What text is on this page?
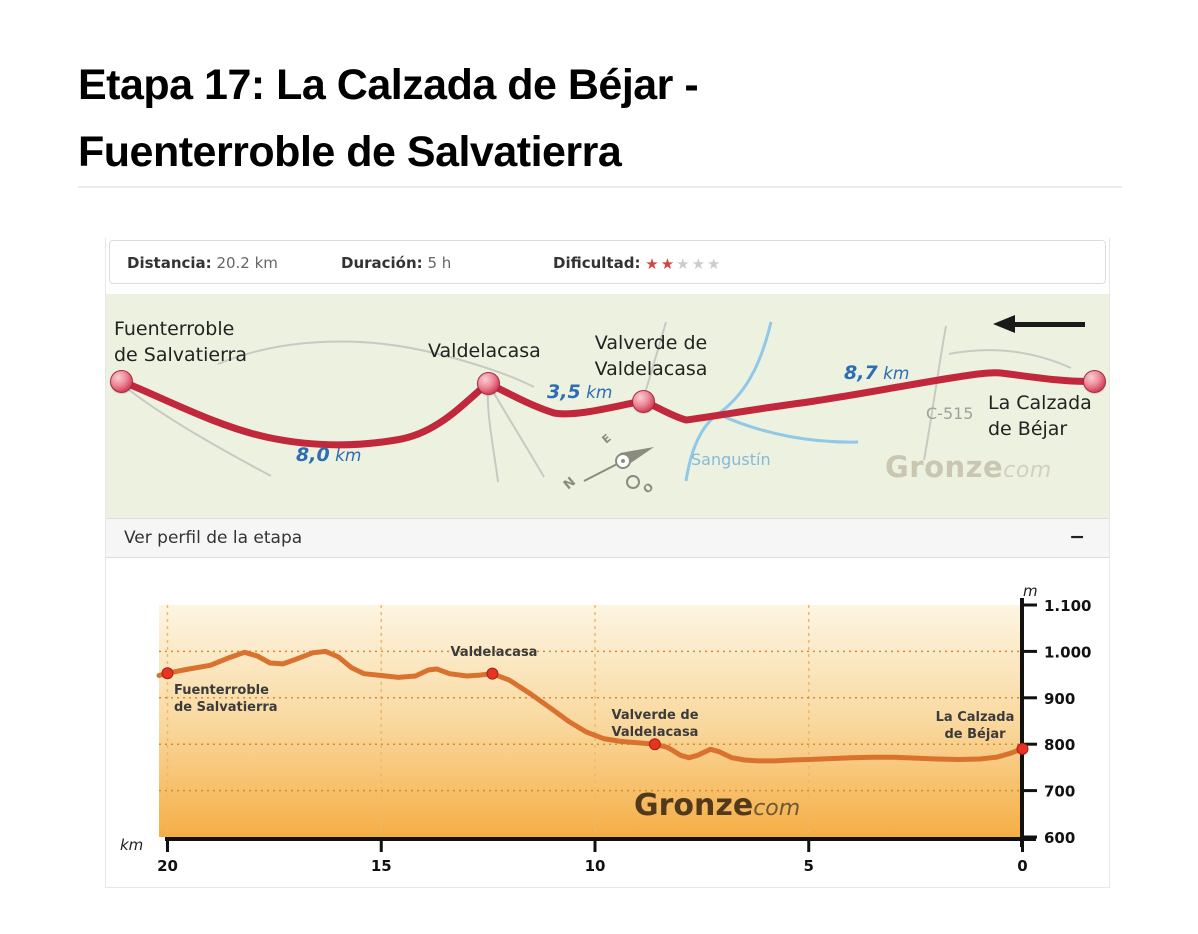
Etapa 17: La Calzada de Béjar -
Fuenterroble de Salvatierra
Distancia: 20.2 km	Duración: 5 h	Dificultad: ★★★★★
N
E
O
Fuenterroble
de Salvatierra	Valdelacasa	Valverde de
Valdelacasa
La Calzada
de Béjar
8,0 km
3,5 km
8,7 km
C-515
Sangustín	Gronzecom
Ver perfil de la etapa	−
1.100
1.000
900
800
700
600
20	15	10	5	0
km
m
Fuenterroble
de Salvatierra
Valdelacasa
Valverde de
Valdelacasa
La Calzada
de Béjar
Gronzecom
